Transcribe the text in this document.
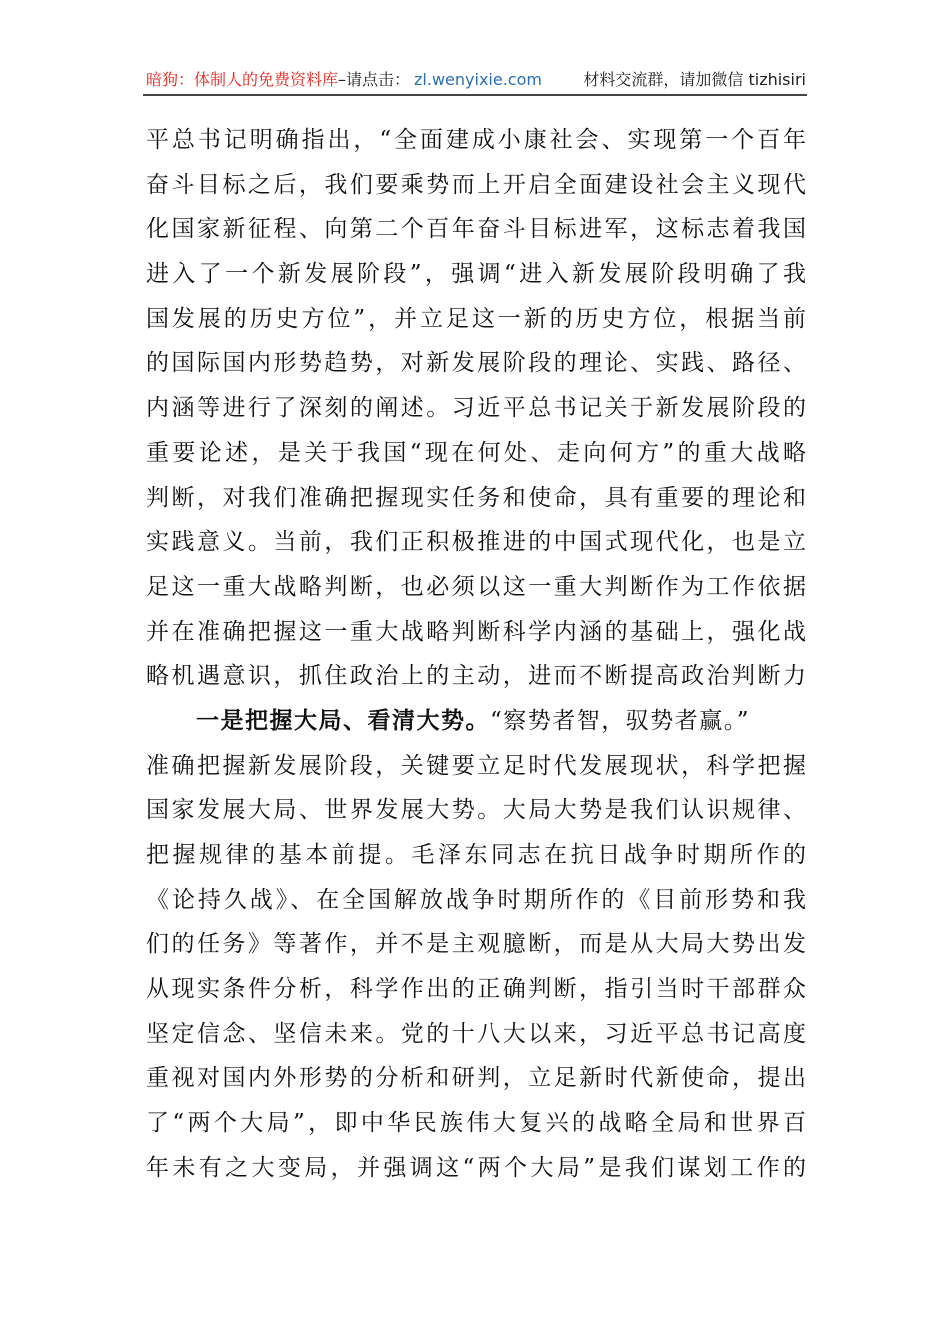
暗狗：体制人的免费资料库 –请点击： zl.wenyixie.com	材料交流群，请加微信 tizhisiri
平总书记明确指出，“全面建成小康社会、实现第一个百年
奋斗目标之后，我们要乘势而上开启全面建设社会主义现代
化国家新征程、向第二个百年奋斗目标进军，这标志着我国
进入了一个新发展阶段”，强调“进入新发展阶段明确了我
国发展的历史方位”，并立足这一新的历史方位，根据当前
的国际国内形势趋势，对新发展阶段的理论、实践、路径、
内涵等进行了深刻的阐述。习近平总书记关于新发展阶段的
重要论述，是关于我国“现在何处、走向何方”的重大战略
判断，对我们准确把握现实任务和使命，具有重要的理论和
实践意义。当前，我们正积极推进的中国式现代化，也是立
足这一重大战略判断，也必须以这一重大判断作为工作依据
并在准确把握这一重大战略判断科学内涵的基础上，强化战
略机遇意识，抓住政治上的主动，进而不断提高政治判断力
一是把握大局、看清大势。“察势者智，驭势者赢。”
准确把握新发展阶段，关键要立足时代发展现状，科学把握
国家发展大局、世界发展大势。大局大势是我们认识规律、
把握规律的基本前提。毛泽东同志在抗日战争时期所作的
《论持久战》、在全国解放战争时期所作的《目前形势和我
们的任务》等著作，并不是主观臆断，而是从大局大势出发
从现实条件分析，科学作出的正确判断，指引当时干部群众
坚定信念、坚信未来。党的十八大以来，习近平总书记高度
重视对国内外形势的分析和研判，立足新时代新使命，提出
了“两个大局”，即中华民族伟大复兴的战略全局和世界百
年未有之大变局，并强调这“两个大局”是我们谋划工作的
